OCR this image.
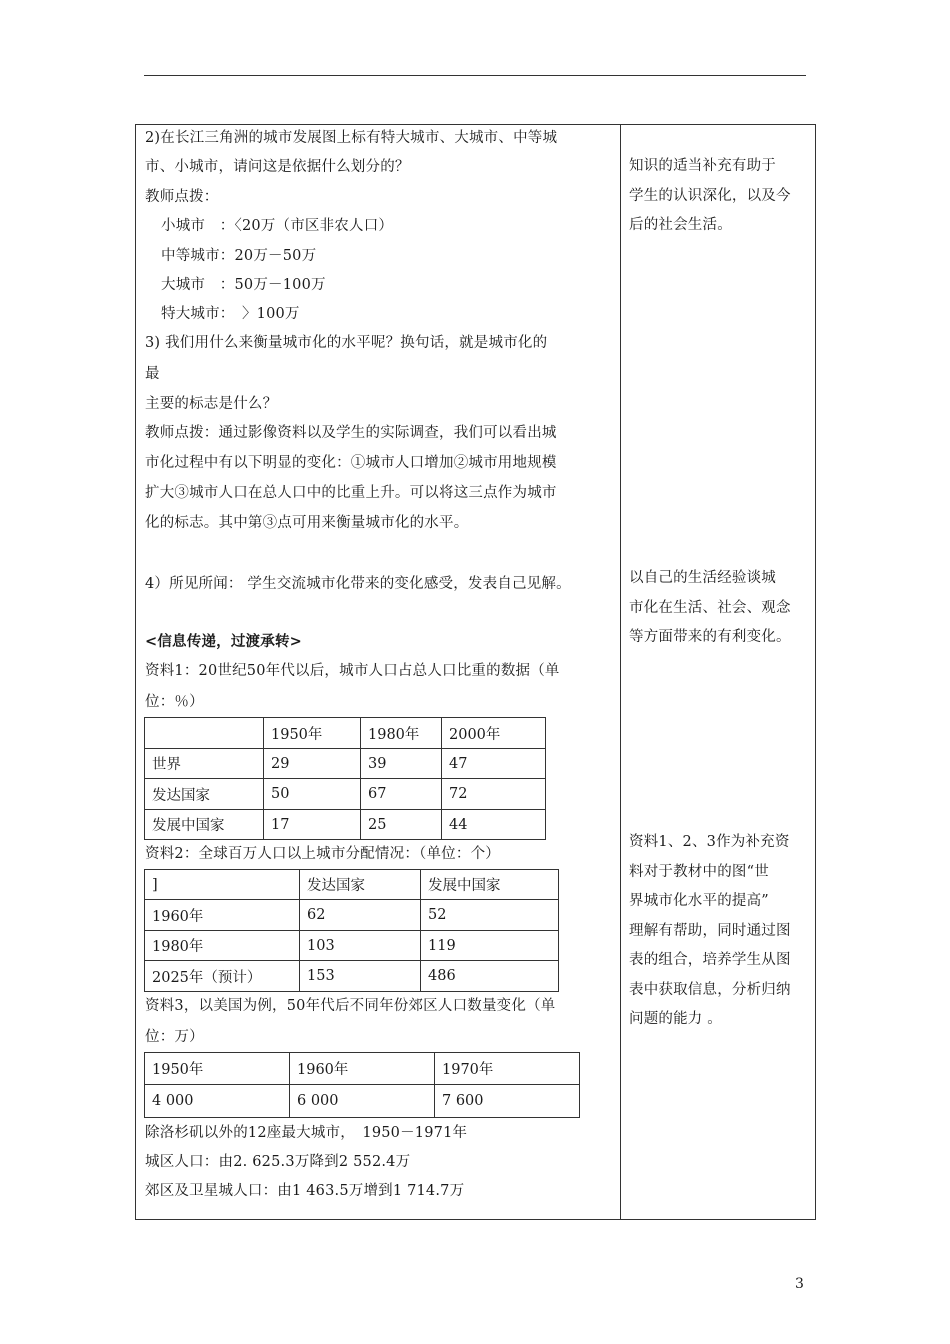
2)在长江三角洲的城市发展图上标有特大城市、大城市、中等城
市、小城市，请问这是依据什么划分的？
教师点拨：
小城市　：〈20万（市区非农人口）
中等城市：20万－50万
大城市　：50万－100万
特大城市：　〉100万
3) 我们用什么来衡量城市化的水平呢？换句话，就是城市化的
最
主要的标志是什么？
教师点拨：通过影像资料以及学生的实际调查，我们可以看出城
市化过程中有以下明显的变化：①城市人口增加②城市用地规模
扩大③城市人口在总人口中的比重上升。可以将这三点作为城市
化的标志。其中第③点可用来衡量城市化的水平。
4）所见所闻： 学生交流城市化带来的变化感受，发表自己见解。
<信息传递，过渡承转>
资料1：20世纪50年代以后，城市人口占总人口比重的数据（单
位：％）
	1950年	1980年	2000年
世界	29	39	47
发达国家	50	67	72
发展中国家	17	25	44
资料2：全球百万人口以上城市分配情况：（单位：个）
]	发达国家	发展中国家
1960年	62	52
1980年	103	119
2025年（预计）	153	486
资料3，以美国为例，50年代后不同年份郊区人口数量变化（单
位：万）
1950年	1960年	1970年
4 000	6 000	7 600
除洛杉矶以外的12座最大城市，　1950－1971年
城区人口：由2. 625.3万降到2 552.4万
郊区及卫星城人口：由1 463.5万增到1 714.7万
知识的适当补充有助于
学生的认识深化，以及今
后的社会生活。
以自己的生活经验谈城
市化在生活、社会、观念
等方面带来的有利变化。
资料1、2、3作为补充资
料对于教材中的图“世
界城市化水平的提高”
理解有帮助，同时通过图
表的组合，培养学生从图
表中获取信息，分析归纳
问题的能力 。
3
